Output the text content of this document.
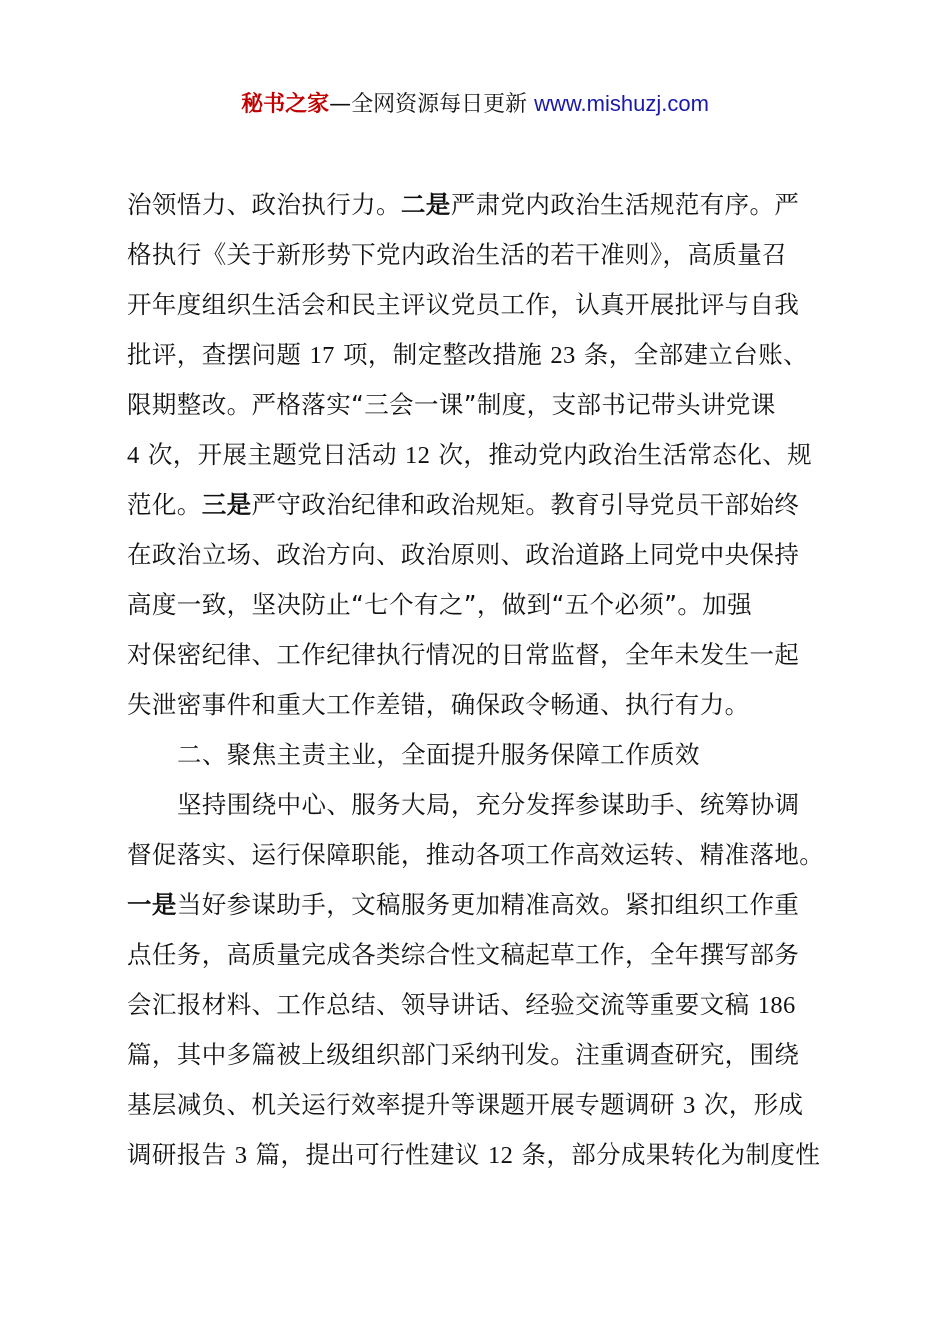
秘书之家—全网资源每日更新 www.mishuzj.com
治领悟力、政治执行力。二是严肃党内政治生活规范有序。严
格执行《关于新形势下党内政治生活的若干准则》，高质量召
开年度组织生活会和民主评议党员工作，认真开展批评与自我
批评，查摆问题 17 项，制定整改措施 23 条，全部建立台账、
限期整改。严格落实“三会一课”制度，支部书记带头讲党课
4 次，开展主题党日活动 12 次，推动党内政治生活常态化、规
范化。三是严守政治纪律和政治规矩。教育引导党员干部始终
在政治立场、政治方向、政治原则、政治道路上同党中央保持
高度一致，坚决防止“七个有之”，做到“五个必须”。加强
对保密纪律、工作纪律执行情况的日常监督，全年未发生一起
失泄密事件和重大工作差错，确保政令畅通、执行有力。
二、聚焦主责主业，全面提升服务保障工作质效
坚持围绕中心、服务大局，充分发挥参谋助手、统筹协调
督促落实、运行保障职能，推动各项工作高效运转、精准落地。
一是当好参谋助手，文稿服务更加精准高效。紧扣组织工作重
点任务，高质量完成各类综合性文稿起草工作，全年撰写部务
会汇报材料、工作总结、领导讲话、经验交流等重要文稿 186
篇，其中多篇被上级组织部门采纳刊发。注重调查研究，围绕
基层减负、机关运行效率提升等课题开展专题调研 3 次，形成
调研报告 3 篇，提出可行性建议 12 条，部分成果转化为制度性
